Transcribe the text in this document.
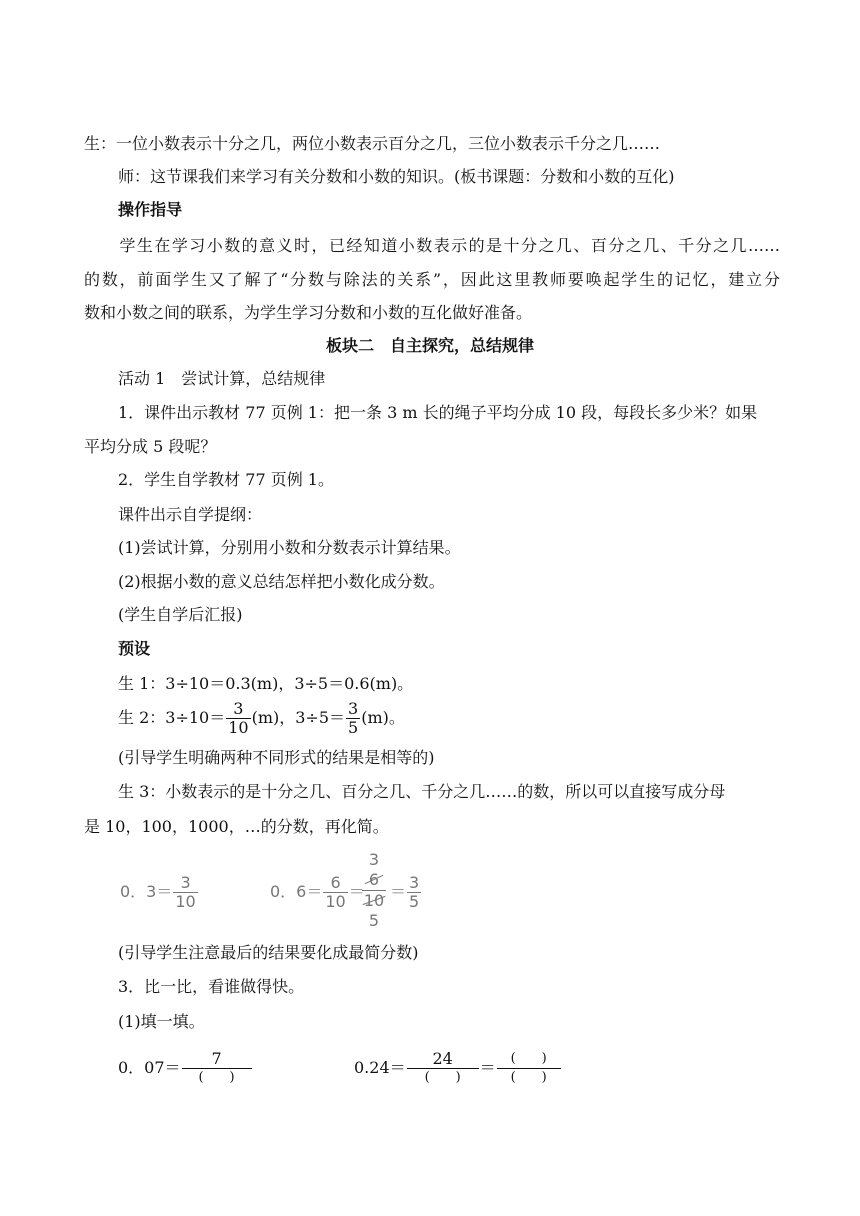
生：一位小数表示十分之几，两位小数表示百分之几，三位小数表示千分之几……
师：这节课我们来学习有关分数和小数的知识。(板书课题：分数和小数的互化)
操作指导
学生在学习小数的意义时，已经知道小数表示的是十分之几、百分之几、千分之几……
的数，前面学生又了解了“分数与除法的关系”，因此这里教师要唤起学生的记忆，建立分
数和小数之间的联系，为学生学习分数和小数的互化做好准备。
板块二　自主探究，总结规律
活动 1　尝试计算，总结规律
1．课件出示教材 77 页例 1：把一条 3 m 长的绳子平均分成 10 段，每段长多少米？如果
平均分成 5 段呢？
2．学生自学教材 77 页例 1。
课件出示自学提纲：
(1)尝试计算，分别用小数和分数表示计算结果。
(2)根据小数的意义总结怎样把小数化成分数。
(学生自学后汇报)
预设
生 1：3÷10＝0.3(m)，3÷5＝0.6(m)。
生 2：$3\div 10= \frac{3}{10} (m)$，$3\div 5= \frac{3}{5} (m)$。
(引导学生明确两种不同形式的结果是相等的)
生 3：小数表示的是十分之几、百分之几、千分之几……的数，所以可以直接写成分母
是 10，100，1000，…的分数，再化简。
0．$3= \frac{3}{10}$	0．$6= \frac{6}{10}$ ＝
3
6
10
5
＝ $\frac{3}{5}$
(引导学生注意最后的结果要化成最简分数)
3．比一比，看谁做得快。
(1)填一填。
0．$07= \frac{7}{( )}$	$0.24= \frac{24}{( )} = \frac{( )}{( )}$
